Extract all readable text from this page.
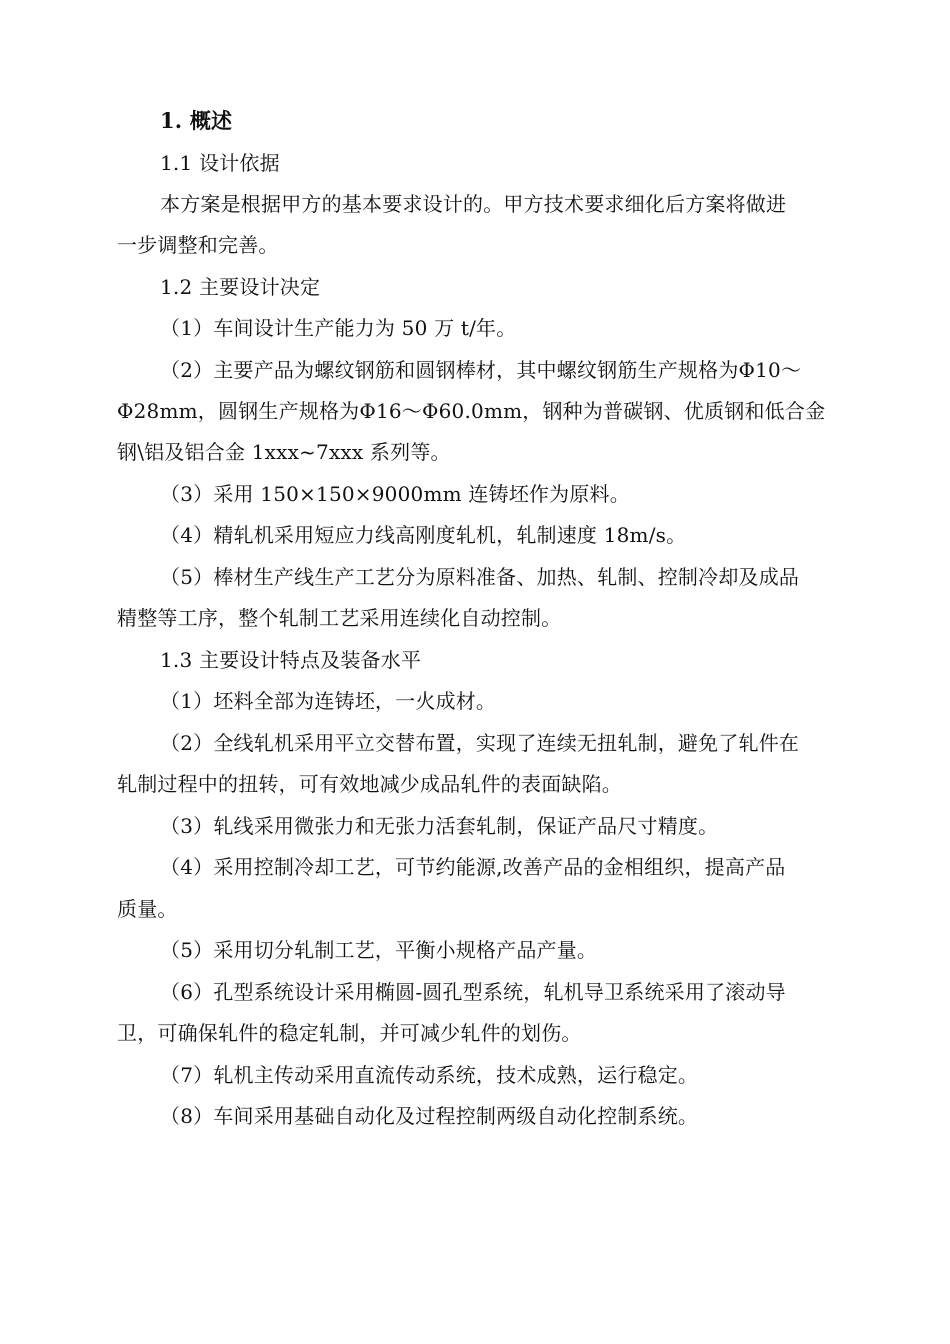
1. 概述
1.1 设计依据
本方案是根据甲方的基本要求设计的。甲方技术要求细化后方案将做进
一步调整和完善。
1.2 主要设计决定
（1）车间设计生产能力为 50 万 t/年。
（2）主要产品为螺纹钢筋和圆钢棒材，其中螺纹钢筋生产规格为Φ10～
Φ28mm，圆钢生产规格为Φ16～Φ60.0mm，钢种为普碳钢、优质钢和低合金
钢\铝及铝合金 1xxx~7xxx 系列等。
（3）采用 150×150×9000mm 连铸坯作为原料。
（4）精轧机采用短应力线高刚度轧机，轧制速度 18m/s。
（5）棒材生产线生产工艺分为原料准备、加热、轧制、控制冷却及成品
精整等工序，整个轧制工艺采用连续化自动控制。
1.3 主要设计特点及装备水平
（1）坯料全部为连铸坯，一火成材。
（2）全线轧机采用平立交替布置，实现了连续无扭轧制，避免了轧件在
轧制过程中的扭转，可有效地减少成品轧件的表面缺陷。
（3）轧线采用微张力和无张力活套轧制，保证产品尺寸精度。
（4）采用控制冷却工艺，可节约能源,改善产品的金相组织，提高产品
质量。
（5）采用切分轧制工艺，平衡小规格产品产量。
（6）孔型系统设计采用椭圆-圆孔型系统，轧机导卫系统采用了滚动导
卫，可确保轧件的稳定轧制，并可减少轧件的划伤。
（7）轧机主传动采用直流传动系统，技术成熟，运行稳定。
（8）车间采用基础自动化及过程控制两级自动化控制系统。
